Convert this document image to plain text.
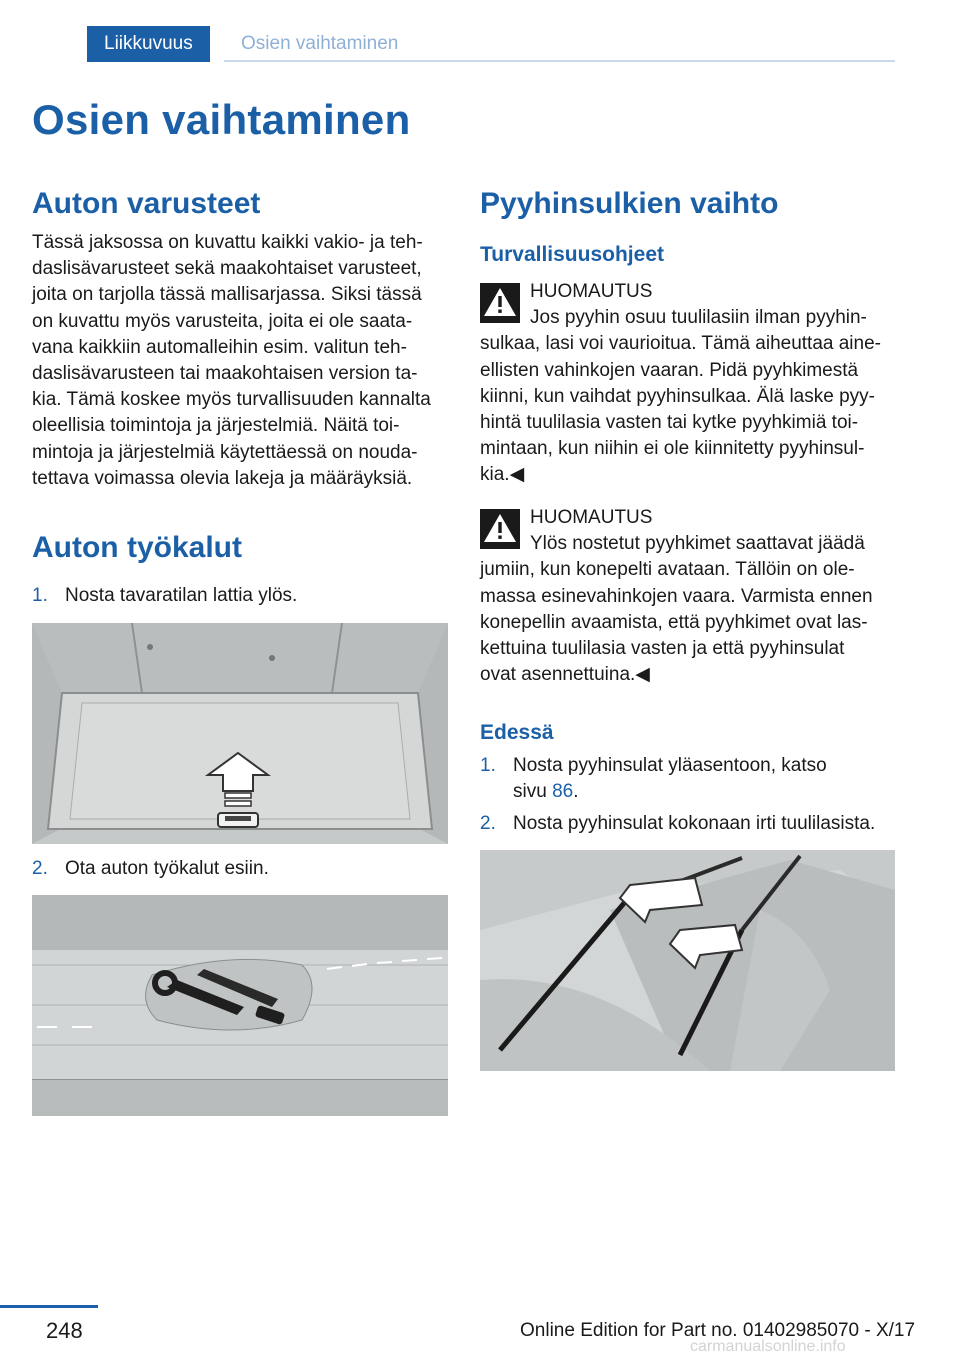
Liikkuvuus	Osien vaihtaminen
Osien vaihtaminen
Auton varusteet

Tässä jaksossa on kuvattu kaikki vakio- ja teh‐

daslisävarusteet sekä maakohtaiset varusteet,

joita on tarjolla tässä mallisarjassa. Siksi tässä

on kuvattu myös varusteita, joita ei ole saata‐

vana kaikkiin automalleihin esim. valitun teh‐

daslisävarusteen tai maakohtaisen version ta‐

kia. Tämä koskee myös turvallisuuden kannalta

oleellisia toimintoja ja järjestelmiä. Näitä toi‐

mintoja ja järjestelmiä käytettäessä on nouda‐

tettava voimassa olevia lakeja ja määräyksiä.

Auton työkalut
1. Nosta tavaratilan lattia ylös.
2. Ota auton työkalut esiin.
Pyyhinsulkien vaihto
Turvallisuusohjeet

HUOMAUTUS

Jos pyyhin osuu tuulilasiin ilman pyyhin‐

sulkaa, lasi voi vaurioitua. Tämä aiheuttaa aine‐

ellisten vahinkojen vaaran. Pidä pyyhkimestä

kiinni, kun vaihdat pyyhinsulkaa. Älä laske pyy‐

hintä tuulilasia vasten tai kytke pyyhkimiä toi‐

mintaan, kun niihin ei ole kiinnitetty pyyhinsul‐

kia.◀

HUOMAUTUS

Ylös nostetut pyyhkimet saattavat jäädä

jumiin, kun konepelti avataan. Tällöin on ole‐

massa esinevahinkojen vaara. Varmista ennen

konepellin avaamista, että pyyhkimet ovat las‐

kettuina tuulilasia vasten ja että pyyhinsulat

ovat asennettuina.◀

Edessä
1. Nosta pyyhinsulat yläasentoon, katso
sivu 86.
2. Nosta pyyhinsulat kokonaan irti tuulilasista.
248	Online Edition for Part no. 01402985070 - X/17
carmanualsonline.info
